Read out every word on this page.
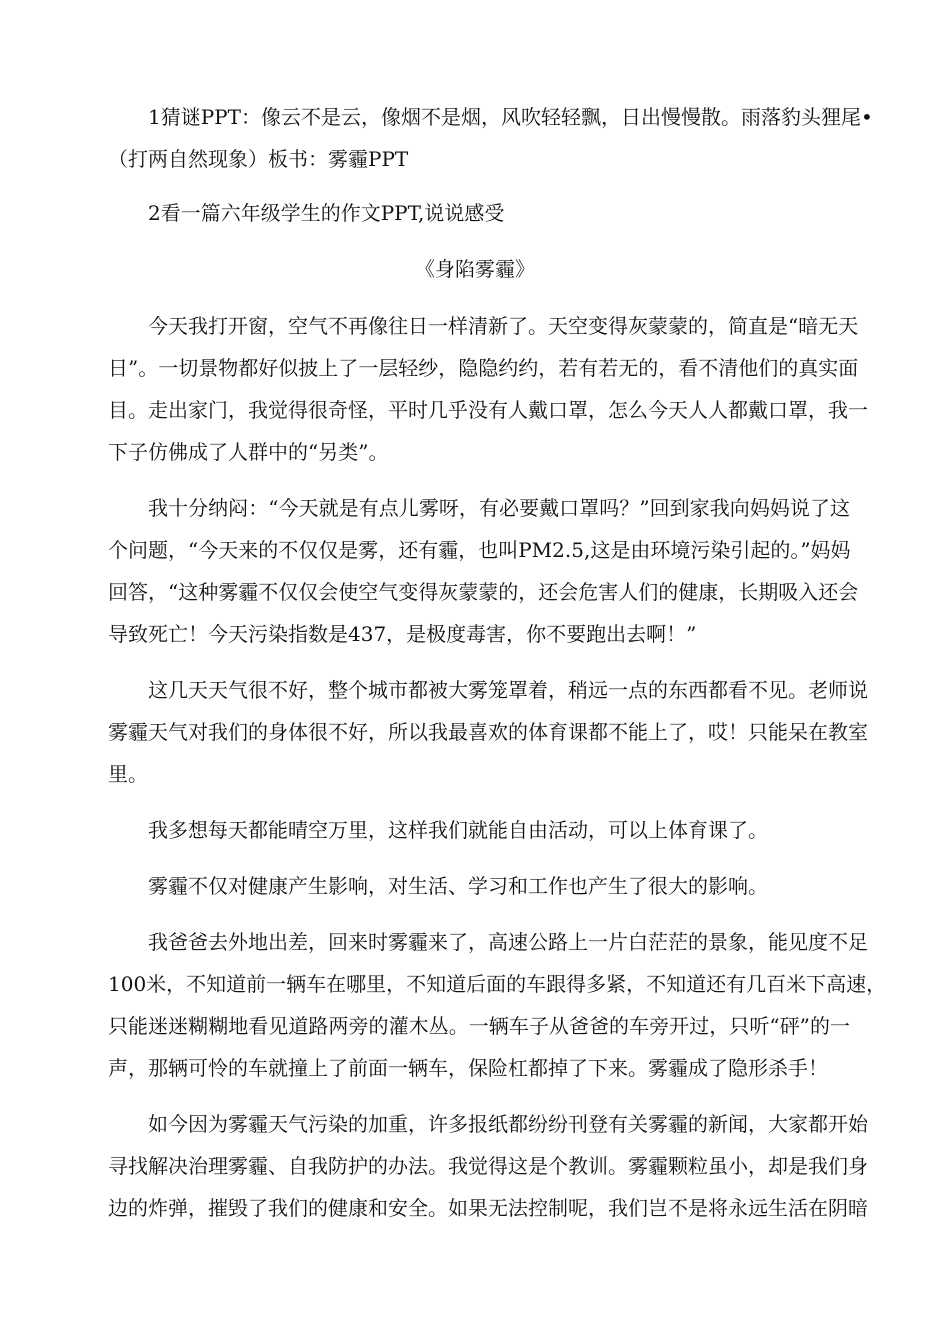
1猜谜PPT：像云不是云，像烟不是烟，风吹轻轻飘，日出慢慢散。雨落豹头狸尾•
（打两自然现象）板书：雾霾PPT
2看一篇六年级学生的作文PPT,说说感受
《身陷雾霾》
今天我打开窗，空气不再像往日一样清新了。天空变得灰蒙蒙的，简直是“暗无天
日”。一切景物都好似披上了一层轻纱，隐隐约约，若有若无的，看不清他们的真实面
目。走出家门，我觉得很奇怪，平时几乎没有人戴口罩，怎么今天人人都戴口罩，我一
下子仿佛成了人群中的“另类”。
我十分纳闷：“今天就是有点儿雾呀，有必要戴口罩吗？”回到家我向妈妈说了这
个问题，“今天来的不仅仅是雾，还有霾，也叫PM2.5,这是由环境污染引起的。”妈妈
回答，“这种雾霾不仅仅会使空气变得灰蒙蒙的，还会危害人们的健康，长期吸入还会
导致死亡！今天污染指数是437，是极度毒害，你不要跑出去啊！”
这几天天气很不好，整个城市都被大雾笼罩着，稍远一点的东西都看不见。老师说
雾霾天气对我们的身体很不好，所以我最喜欢的体育课都不能上了，哎！只能呆在教室
里。
我多想每天都能晴空万里，这样我们就能自由活动，可以上体育课了。
雾霾不仅对健康产生影响，对生活、学习和工作也产生了很大的影响。
我爸爸去外地出差，回来时雾霾来了，高速公路上一片白茫茫的景象，能见度不足
100米，不知道前一辆车在哪里，不知道后面的车跟得多紧，不知道还有几百米下高速，
只能迷迷糊糊地看见道路两旁的灌木丛。一辆车子从爸爸的车旁开过，只听“砰”的一
声，那辆可怜的车就撞上了前面一辆车，保险杠都掉了下来。雾霾成了隐形杀手！
如今因为雾霾天气污染的加重，许多报纸都纷纷刊登有关雾霾的新闻，大家都开始
寻找解决治理雾霾、自我防护的办法。我觉得这是个教训。雾霾颗粒虽小，却是我们身
边的炸弹，摧毁了我们的健康和安全。如果无法控制呢，我们岂不是将永远生活在阴暗
